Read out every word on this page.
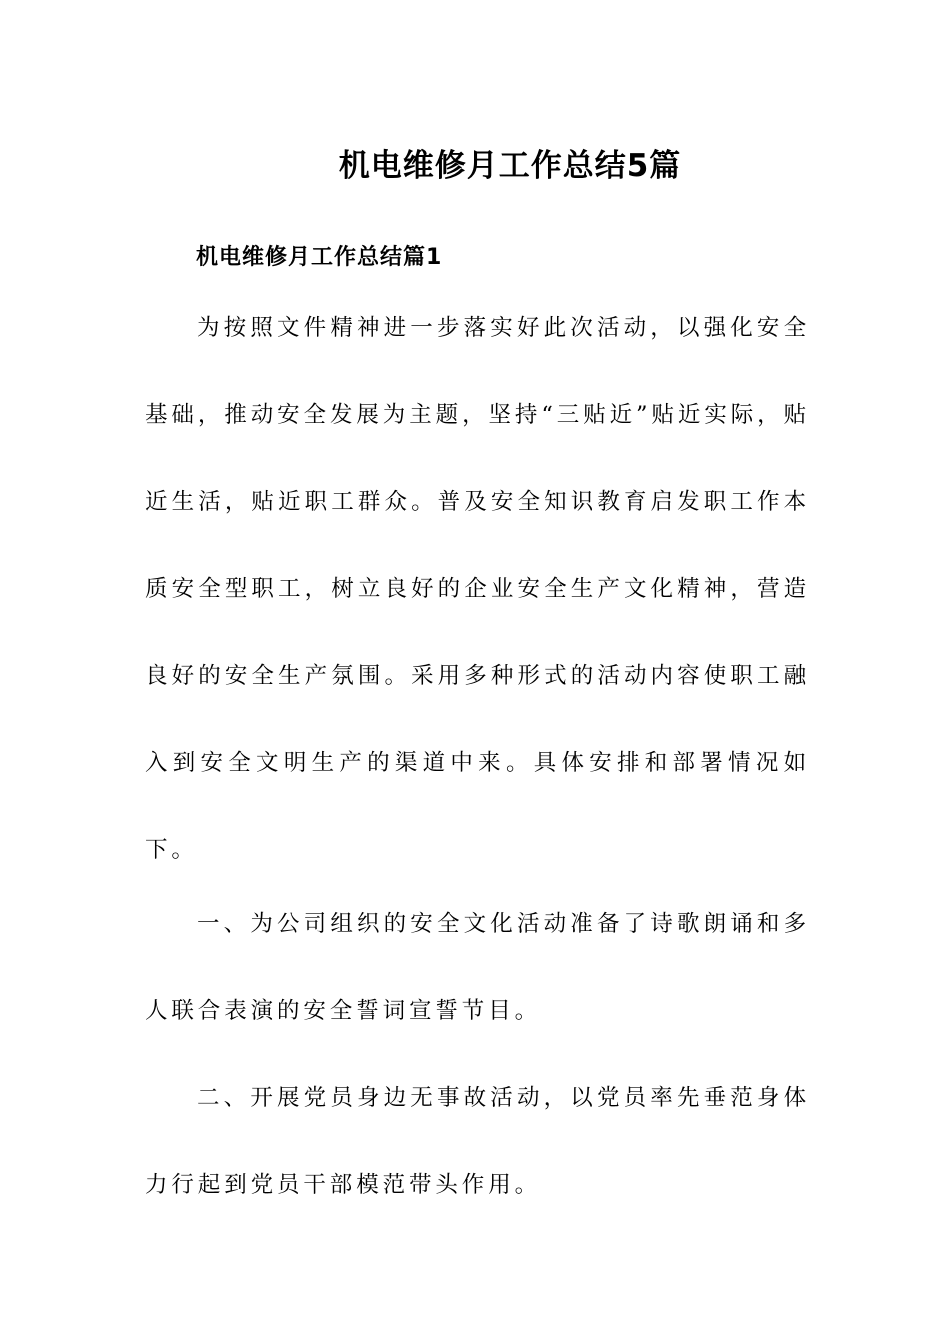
机电维修月工作总结5篇
机电维修月工作总结篇1

为按照文件精神进一步落实好此次活动，以强化安全基础，推动安全发展为主题，坚持“三贴近”贴近实际，贴近生活，贴近职工群众。普及安全知识教育启发职工作本质安全型职工，树立良好的企业安全生产文化精神，营造良好的安全生产氛围。采用多种形式的活动内容使职工融入到安全文明生产的渠道中来。具体安排和部署情况如下。

一、为公司组织的安全文化活动准备了诗歌朗诵和多人联合表演的安全誓词宣誓节目。

二、开展党员身边无事故活动，以党员率先垂范身体力行起到党员干部模范带头作用。
